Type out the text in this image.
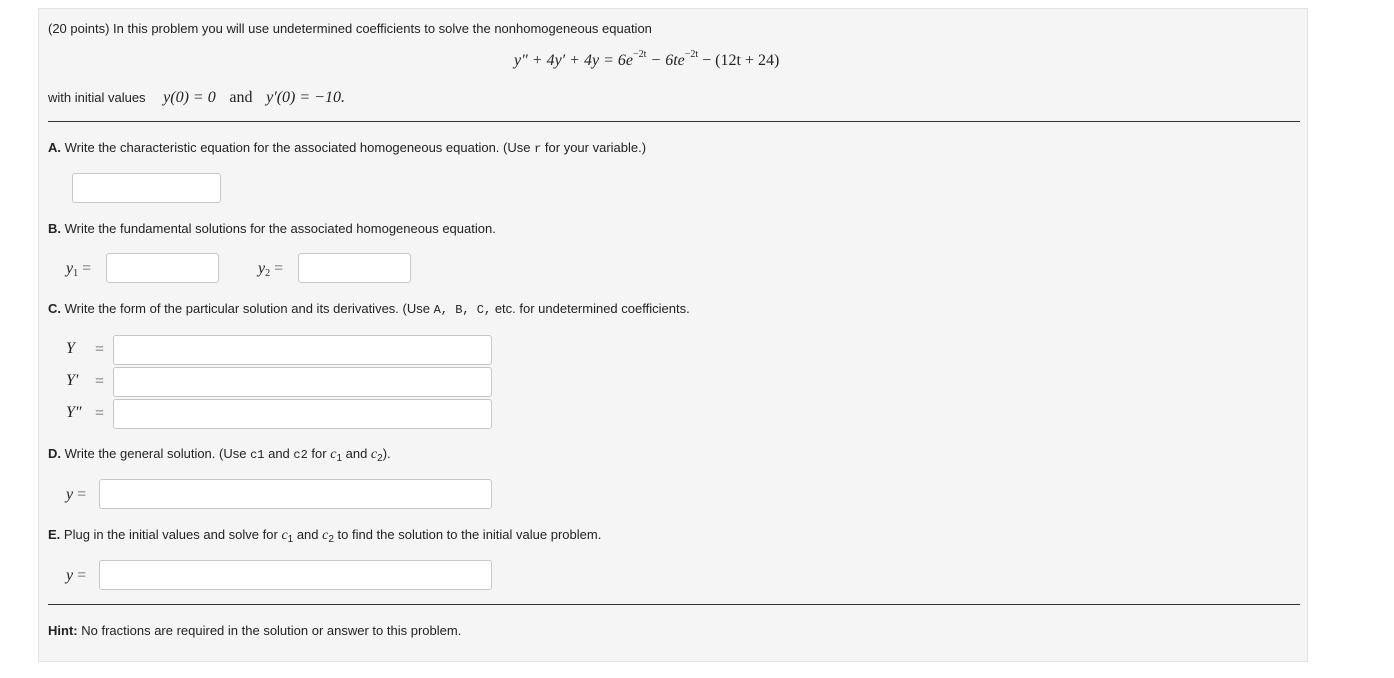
(20 points) In this problem you will use undetermined coefficients to solve the nonhomogeneous equation
$y'' + 4y' + 4y = 6e^{-2t} - 6te^{-2t} - (12t + 24)$
with initial values y(0) = 0 and y′(0) = −10.
A. Write the characteristic equation for the associated homogeneous equation. (Use r for your variable.)
B. Write the fundamental solutions for the associated homogeneous equation.
y1 =	y2 =
C. Write the form of the particular solution and its derivatives. (Use A, B, C, etc. for undetermined coefficients.
Y =
Y′ =
Y″ =
D. Write the general solution. (Use c1 and c2 for $c_1$ and $c_2$).
y =
E. Plug in the initial values and solve for $c_1$ and $c_2$ to find the solution to the initial value problem.
y =
Hint: No fractions are required in the solution or answer to this problem.
